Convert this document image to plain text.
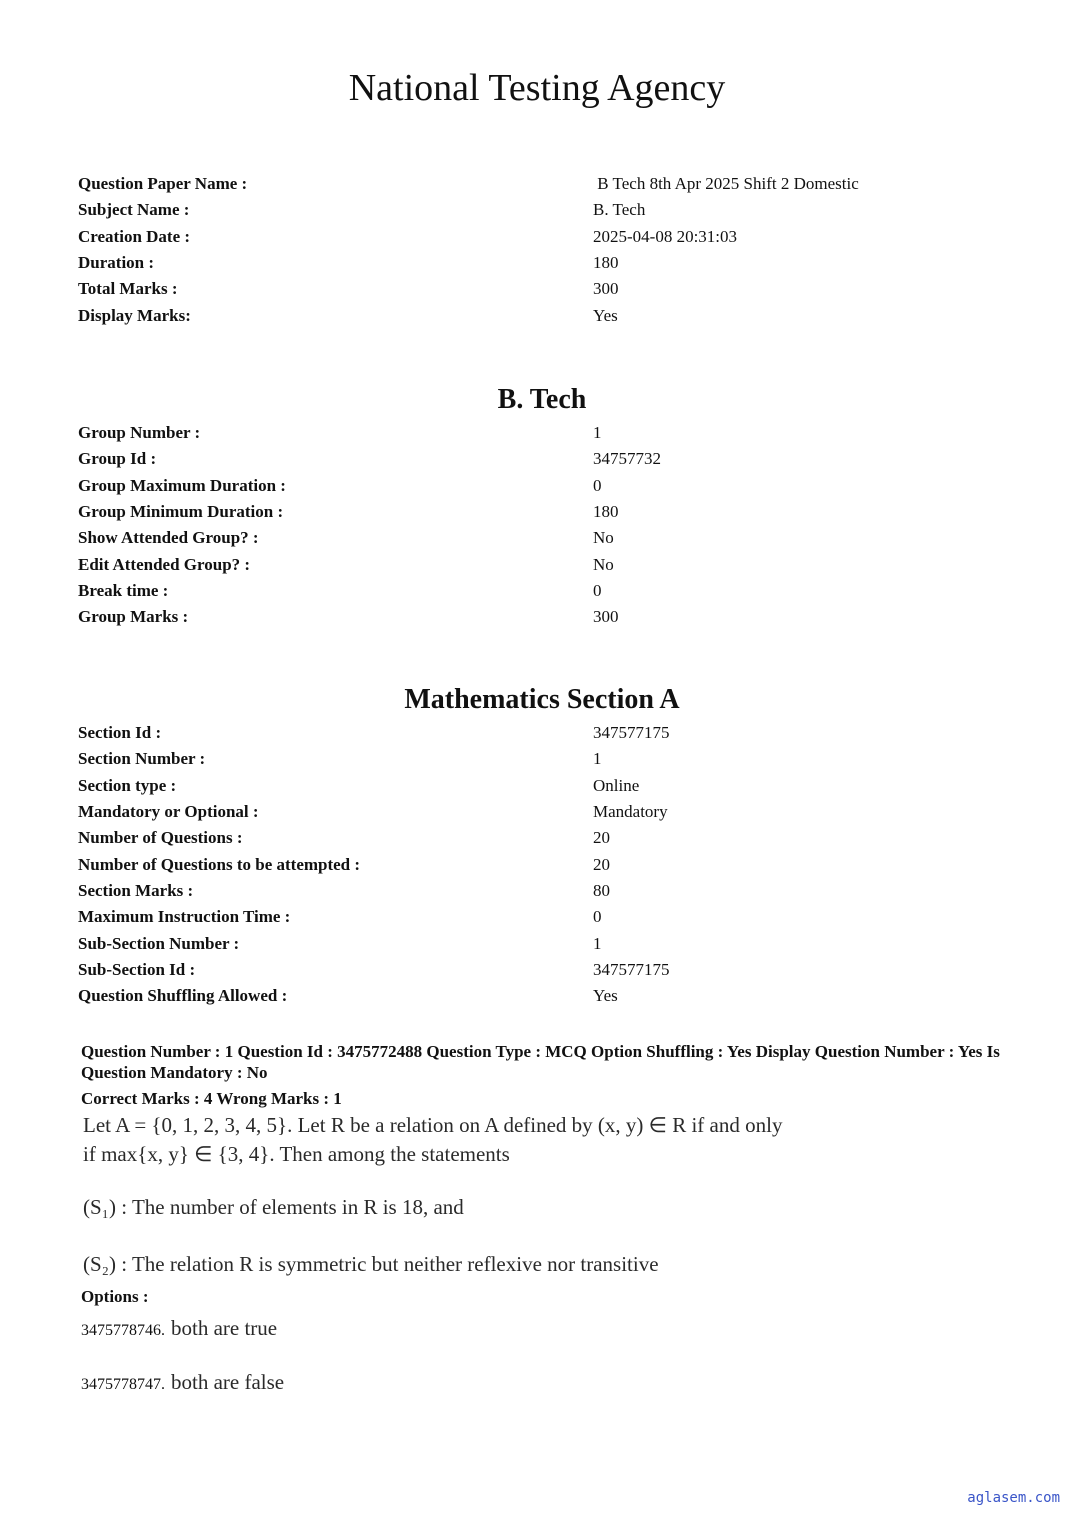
National Testing Agency
Question Paper Name :	B Tech 8th Apr 2025 Shift 2 Domestic
Subject Name :	B. Tech
Creation Date :	2025-04-08 20:31:03
Duration :	180
Total Marks :	300
Display Marks:	Yes
B. Tech
Group Number :	1
Group Id :	34757732
Group Maximum Duration :	0
Group Minimum Duration :	180
Show Attended Group? :	No
Edit Attended Group? :	No
Break time :	0
Group Marks :	300
Mathematics Section A
Section Id :	347577175
Section Number :	1
Section type :	Online
Mandatory or Optional :	Mandatory
Number of Questions :	20
Number of Questions to be attempted :	20
Section Marks :	80
Maximum Instruction Time :	0
Sub-Section Number :	1
Sub-Section Id :	347577175
Question Shuffling Allowed :	Yes
Question Number : 1 Question Id : 3475772488 Question Type : MCQ Option Shuffling : Yes Display Question Number : Yes Is Question Mandatory : No
Correct Marks : 4 Wrong Marks : 1
Let A = {0, 1, 2, 3, 4, 5}. Let R be a relation on A defined by (x, y) ∈ R if and only
if max{x, y} ∈ {3, 4}. Then among the statements
(S₁) : The number of elements in R is 18, and
(S₂) : The relation R is symmetric but neither reflexive nor transitive
Options :
3475778746. both are true
3475778747. both are false
aglasem.com
